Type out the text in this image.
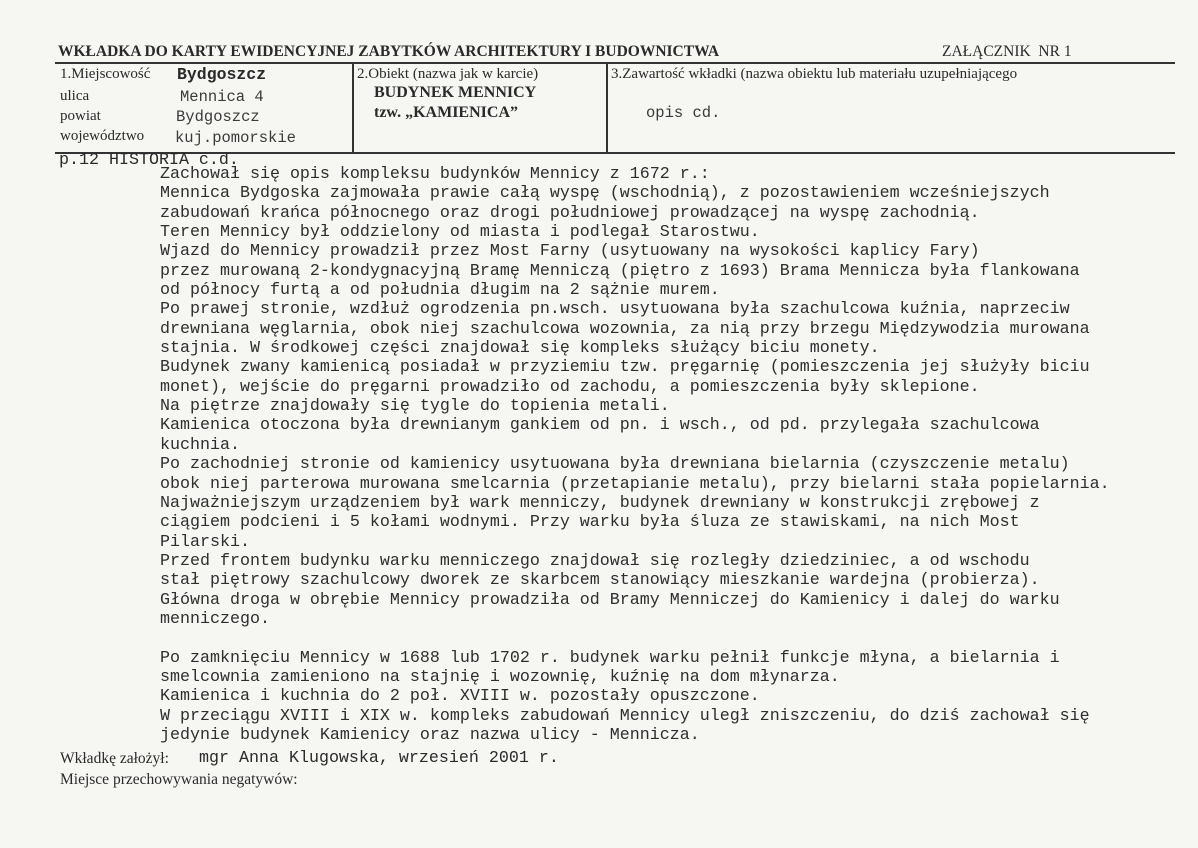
WKŁADKA DO KARTY EWIDENCYJNEJ ZABYTKÓW ARCHITEKTURY I BUDOWNICTWA	ZAŁĄCZNIK  NR 1
1.Miejscowość Bydgoszcz
ulica	Mennica 4
powiat	Bydgoszcz
województwo kuj.pomorskie
2.Obiekt (nazwa jak w karcie)
BUDYNEK MENNICY
tzw. „KAMIENICA”
3.Zawartość wkładki (nazwa obiektu lub materiału uzupełniającego
opis cd.
p.12 HISTORIA c.d.
Zachował się opis kompleksu budynków Mennicy z 1672 r.:
Mennica Bydgoska zajmowała prawie całą wyspę (wschodnią), z pozostawieniem wcześniejszych
zabudowań krańca północnego oraz drogi południowej prowadzącej na wyspę zachodnią.
Teren Mennicy był oddzielony od miasta i podlegał Starostwu.
Wjazd do Mennicy prowadził przez Most Farny (usytuowany na wysokości kaplicy Fary)
przez murowaną 2-kondygnacyjną Bramę Menniczą (piętro z 1693) Brama Mennicza była flankowana
od północy furtą a od południa długim na 2 sążnie murem.
Po prawej stronie, wzdłuż ogrodzenia pn.wsch. usytuowana była szachulcowa kuźnia, naprzeciw
drewniana węglarnia, obok niej szachulcowa wozownia, za nią przy brzegu Międzywodzia murowana
stajnia. W środkowej części znajdował się kompleks służący biciu monety.
Budynek zwany kamienicą posiadał w przyziemiu tzw. pręgarnię (pomieszczenia jej służyły biciu
monet), wejście do pręgarni prowadziło od zachodu, a pomieszczenia były sklepione.
Na piętrze znajdowały się tygle do topienia metali.
Kamienica otoczona była drewnianym gankiem od pn. i wsch., od pd. przylegała szachulcowa
kuchnia.
Po zachodniej stronie od kamienicy usytuowana była drewniana bielarnia (czyszczenie metalu)
obok niej parterowa murowana smelcarnia (przetapianie metalu), przy bielarni stała popielarnia.
Najważniejszym urządzeniem był wark menniczy, budynek drewniany w konstrukcji zrębowej z
ciągiem podcieni i 5 kołami wodnymi. Przy warku była śluza ze stawiskami, na nich Most
Pilarski.
Przed frontem budynku warku menniczego znajdował się rozległy dziedziniec, a od wschodu
stał piętrowy szachulcowy dworek ze skarbcem stanowiący mieszkanie wardejna (probierza).
Główna droga w obrębie Mennicy prowadziła od Bramy Menniczej do Kamienicy i dalej do warku
menniczego.
Po zamknięciu Mennicy w 1688 lub 1702 r. budynek warku pełnił funkcje młyna, a bielarnia i
smelcownia zamieniono na stajnię i wozownię, kuźnię na dom młynarza.
Kamienica i kuchnia do 2 poł. XVIII w. pozostały opuszczone.
W przeciągu XVIII i XIX w. kompleks zabudowań Mennicy uległ zniszczeniu, do dziś zachował się
jedynie budynek Kamienicy oraz nazwa ulicy - Mennicza.
Wkładkę założył: mgr Anna Klugowska, wrzesień 2001 r.
Miejsce przechowywania negatywów:
